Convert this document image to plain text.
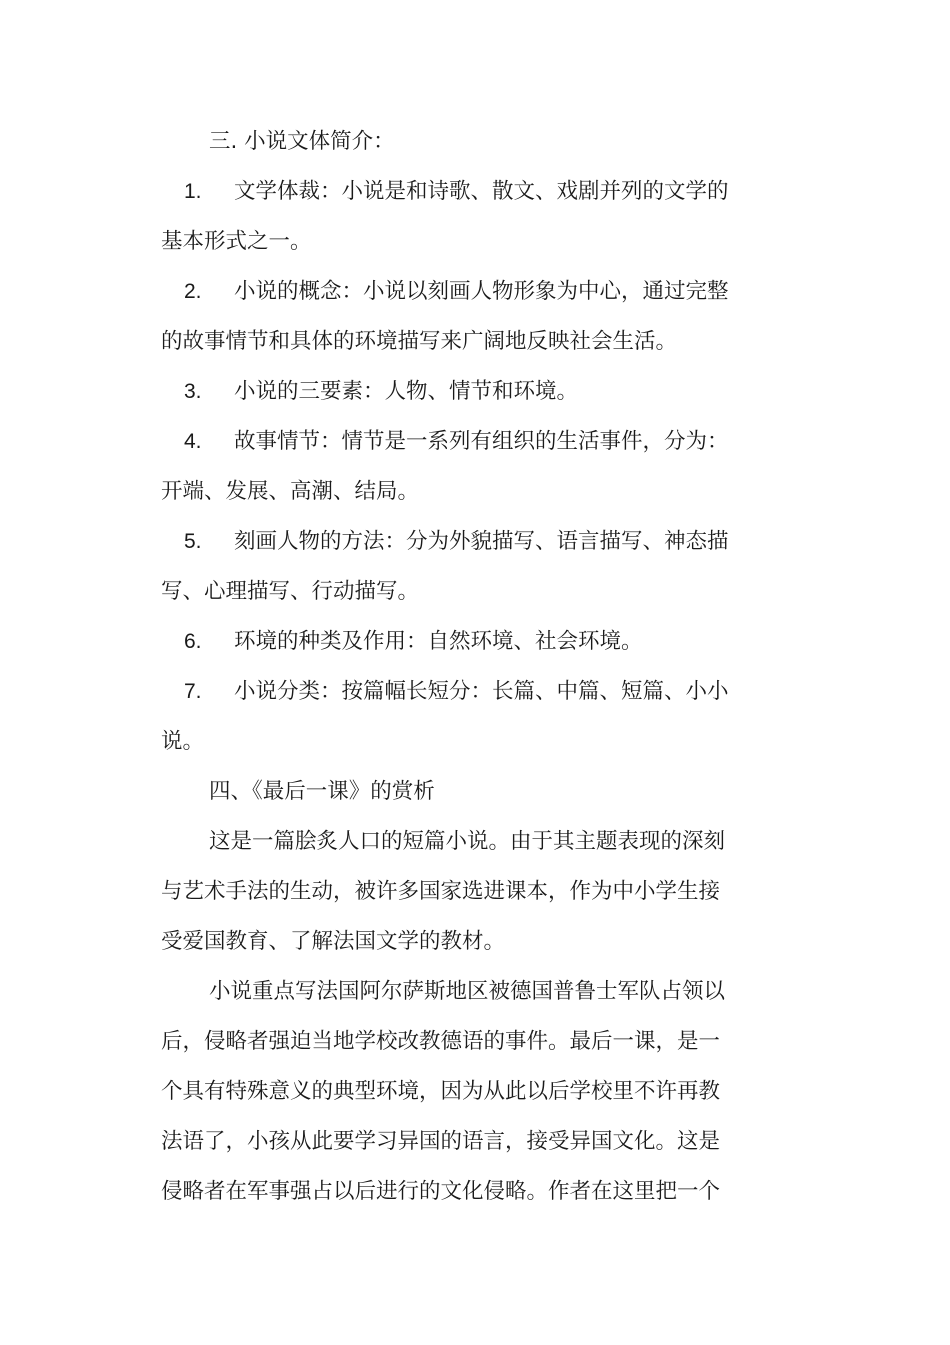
三. 小说文体简介：
1.	文学体裁：小说是和诗歌、散文、戏剧并列的文学的
基本形式之一。
2.	小说的概念：小说以刻画人物形象为中心，通过完整
的故事情节和具体的环境描写来广阔地反映社会生活。
3.	小说的三要素：人物、情节和环境。
4.	故事情节：情节是一系列有组织的生活事件，分为：
开端、发展、高潮、结局。
5.	刻画人物的方法：分为外貌描写、语言描写、神态描
写、心理描写、行动描写。
6.	环境的种类及作用：自然环境、社会环境。
7.	小说分类：按篇幅长短分：长篇、中篇、短篇、小小
说。
四、《最后一课》的赏析
这是一篇脍炙人口的短篇小说。由于其主题表现的深刻
与艺术手法的生动，被许多国家选进课本，作为中小学生接
受爱国教育、了解法国文学的教材。
小说重点写法国阿尔萨斯地区被德国普鲁士军队占领以
后，侵略者强迫当地学校改教德语的事件。最后一课，是一
个具有特殊意义的典型环境，因为从此以后学校里不许再教
法语了，小孩从此要学习异国的语言，接受异国文化。这是
侵略者在军事强占以后进行的文化侵略。作者在这里把一个
